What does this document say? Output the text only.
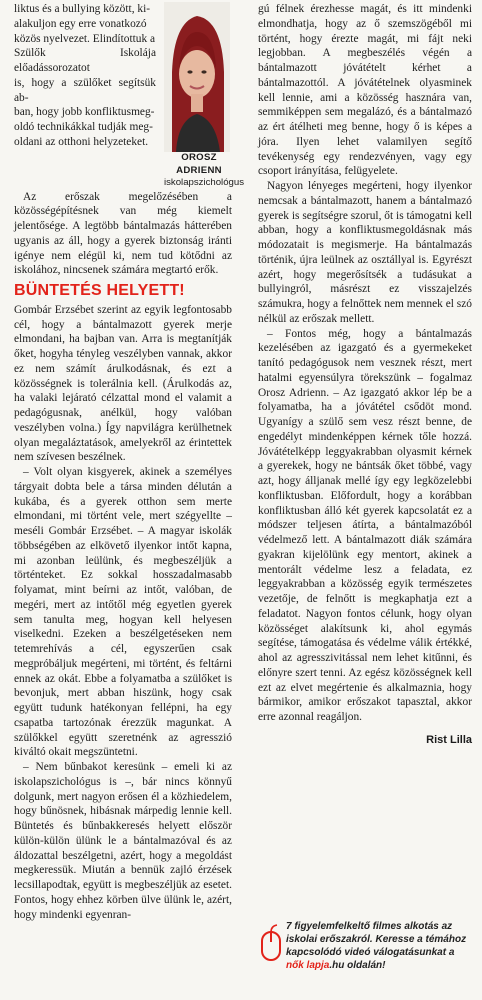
liktus és a bullying között, ki-

alakuljon egy erre vonatkozó

közös nyelvezet. Elindítottuk a

Szülők Iskolája előadássorozatot

is, hogy a szülőket segítsük ab-

ban, hogy jobb konfliktusmeg-

oldó technikákkal tudják meg-

oldani az otthoni helyzeteket.

OROSZ ADRIENN
iskolapszichológus

Az erőszak megelőzésében a közösségépítésnek van még kiemelt jelentősége. A legtöbb bántalmazás hátterében ugyanis az áll, hogy a gyerek biztonság iránti igénye nem elégül ki, nem tud kötődni az iskolához, nincsenek számára megtartó erők.

BÜNTETÉS HELYETT!

Gombár Erzsébet szerint az egyik legfontosabb cél, hogy a bántalmazott gyerek merje elmondani, ha bajban van. Arra is megtanítják őket, hogyha tényleg veszélyben vannak, akkor ez nem számít árulkodásnak, és ezt a közösségnek is tolerálnia kell. (Árulkodás az, ha valaki lejárató célzattal mond el valamit a pedagógusnak, anélkül, hogy valóban veszélyben volna.) Így napvilágra kerülhetnek olyan megaláztatások, amelyekről az érintettek nem szívesen beszélnek.

– Volt olyan kisgyerek, akinek a személyes tárgyait dobta bele a társa minden délután a kukába, és a gyerek otthon sem merte elmondani, mi történt vele, mert szégyellte – meséli Gombár Erzsébet. – A magyar iskolák többségében az elkövető ilyenkor intőt kapna, mi azonban leülünk, és megbeszéljük a történteket. Ez sokkal hosszadalmasabb folyamat, mint beírni az intőt, valóban, de megéri, mert az intőtől még egyetlen gyerek sem tanulta meg, hogyan kell helyesen viselkedni. Ezeken a beszélgetéseken nem tetemrehívás a cél, egyszerűen csak megpróbáljuk megérteni, mi történt, és feltárni ennek az okát. Ebbe a folyamatba a szülőket is bevonjuk, mert abban hiszünk, hogy csak együtt tudunk hatékonyan fellépni, ha egy csapatba tartozónak érezzük magunkat. A szülőkkel együtt szeretnénk az agresszió kiváltó okait megszüntetni.

– Nem bűnbakot keresünk – emeli ki az iskolapszichológus is –, bár nincs könnyű dolgunk, mert nagyon erősen él a közhiedelem, hogy bűnösnek, hibásnak márpedig lennie kell. Büntetés és bűnbakkeresés helyett először külön-külön ülünk le a bántalmazóval és az áldozattal beszélgetni, azért, hogy a megoldást megkeressük. Miután a bennük zajló érzések lecsillapodtak, együtt is megbeszéljük az esetet. Fontos, hogy ehhez körben ülve ülünk le, azért, hogy mindenki egyenran-

gú félnek érezhesse magát, és itt mindenki elmondhatja, hogy az ő szemszögéből mi történt, hogy érezte magát, mi fájt neki legjobban. A megbeszélés végén a bántalmazott jóvátételt kérhet a bántalmazottól. A jóvátételnek olyasminek kell lennie, ami a közösség hasznára van, semmiképpen sem megalázó, és a bántalmazó az ért átélheti meg benne, hogy ő is képes a jóra. Ilyen lehet valamilyen segítő tevékenység egy rendezvényen, vagy egy csoport irányítása, felügyelete.

Nagyon lényeges megérteni, hogy ilyenkor nemcsak a bántalmazott, hanem a bántalmazó gyerek is segítségre szorul, őt is támogatni kell abban, hogy a konfliktusmegoldásnak más módozatait is megismerje. Ha bántalmazás történik, újra leülnek az osztállyal is. Egyrészt azért, hogy megerősítsék a tudásukat a bullyingról, másrészt ez visszajelzés számukra, hogy a felnőttek nem mennek el szó nélkül az erőszak mellett.

– Fontos még, hogy a bántalmazás kezelésében az igazgató és a gyermekeket tanító pedagógusok nem vesznek részt, mert hatalmi egyensúlyra törekszünk – fogalmaz Orosz Adrienn. – Az igazgató akkor lép be a folyamatba, ha a jóvátétel csődöt mond. Ugyanígy a szülő sem vesz részt benne, de engedélyt mindenképpen kérnek tőle hozzá. Jóvátételképp leggyakrabban olyasmit kérnek a gyerekek, hogy ne bántsák őket többé, vagy azt, hogy álljanak mellé így egy legközelebbi konfliktusban. Előfordult, hogy a korábban konfliktusban álló két gyerek kapcsolatát ez a módszer teljesen átírta, a bántalmazóból védelmező lett. A bántalmazott diák számára gyakran kijelölünk egy mentort, akinek a mentorált védelme lesz a feladata, ez leggyakrabban a közösség egyik természetes vezetője, de felnőtt is megkaphatja ezt a feladatot. Nagyon fontos célunk, hogy olyan közösséget alakítsunk ki, ahol egymás segítése, támogatása és védelme válik értékké, ahol az agresszivitással nem lehet kitűnni, és előnyre szert tenni. Az egész közösségnek kell ezt az elvet megértenie és alkalmaznia, hogy bármikor, amikor erőszakot tapasztal, akkor erre azonnal reagáljon.

Rist Lilla
7 figyelemfelkeltő filmes alkotás az iskolai erőszakról. Keresse a témához kapcsolódó videó válogatásunkat a nők lapja.hu oldalán!
